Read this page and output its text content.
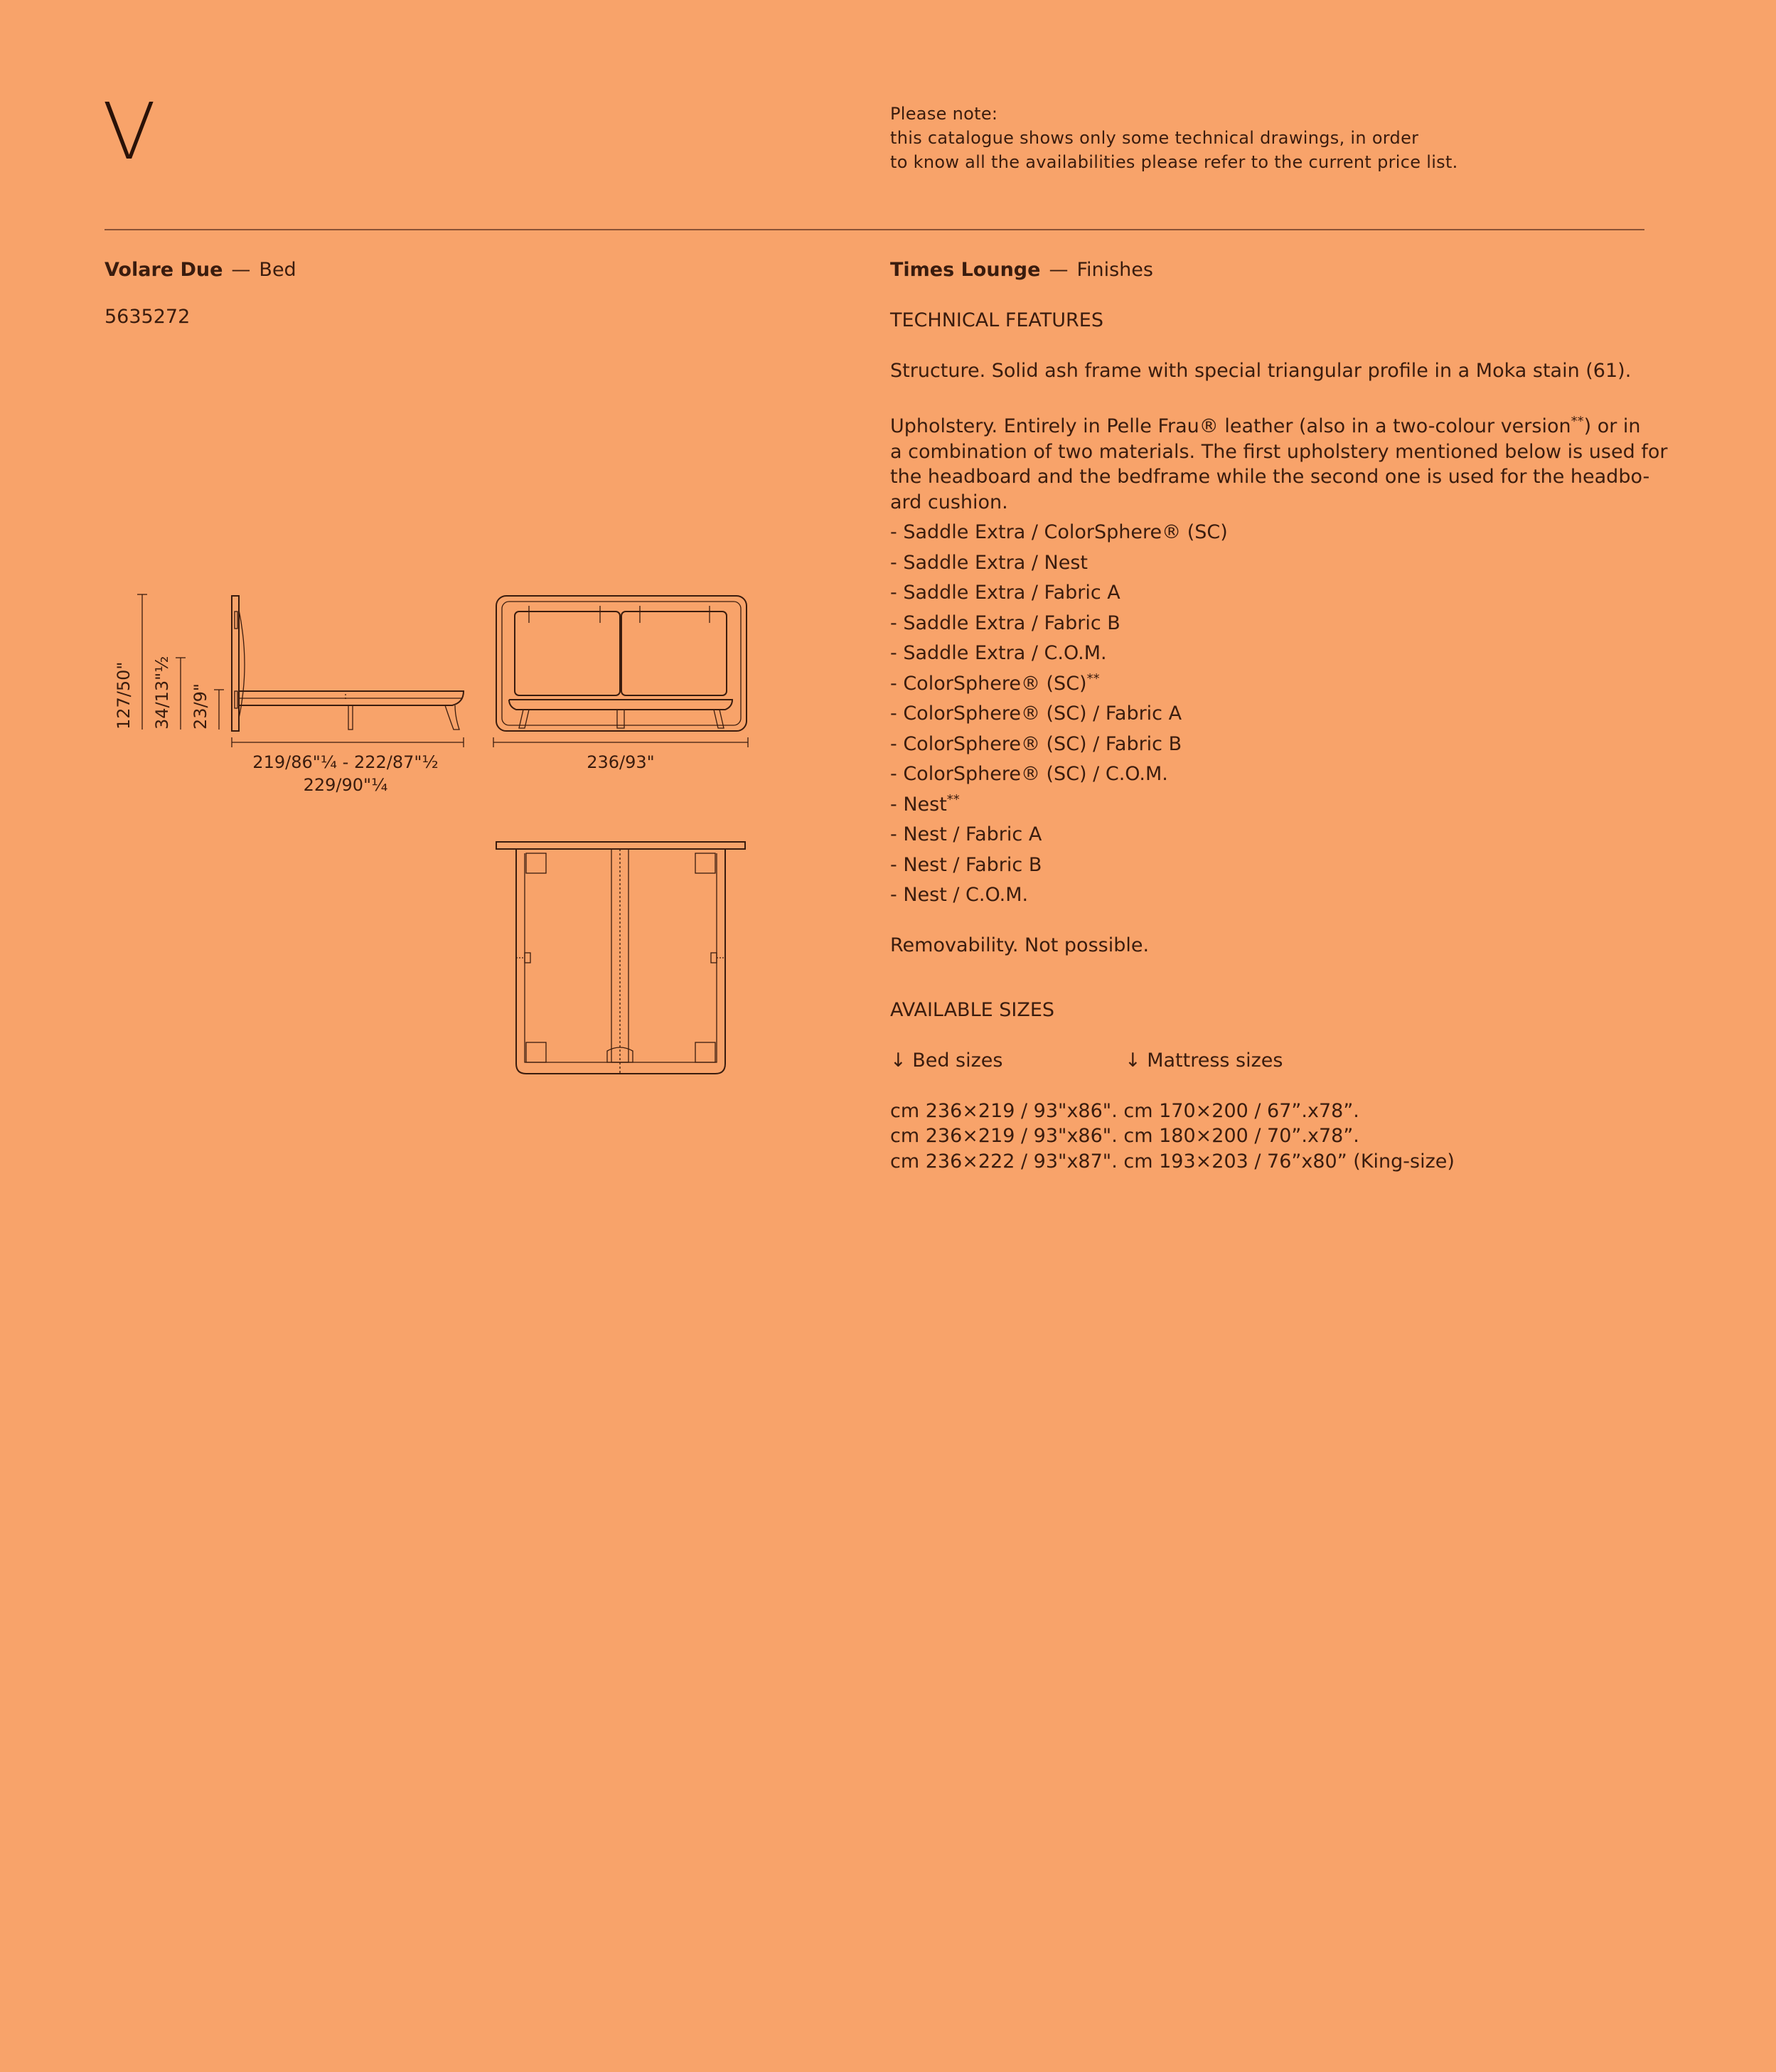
V	Please note:
this catalogue shows only some technical drawings, in order
to know all the availabilities please refer to the current price list.
Volare Due — Bed
5635272
127/50" 34/13"½ 23/9"
219/86"¼ - 222/87"½
229/90"¼
236/93"
Times Lounge — Finishes
TECHNICAL FEATURES
Structure. Solid ash frame with special triangular profile in a Moka stain (61).
Upholstery. Entirely in Pelle Frau® leather (also in a two-colour version**) or in
a combination of two materials. The first upholstery mentioned below is used for
the headboard and the bedframe while the second one is used for the headbo-
ard cushion.
- Saddle Extra / ColorSphere® (SC)
- Saddle Extra / Nest
- Saddle Extra / Fabric A
- Saddle Extra / Fabric B
- Saddle Extra / C.O.M.
- ColorSphere® (SC)**
- ColorSphere® (SC) / Fabric A
- ColorSphere® (SC) / Fabric B
- ColorSphere® (SC) / C.O.M.
- Nest**
- Nest / Fabric A
- Nest / Fabric B
- Nest / C.O.M.
Removability. Not possible.
AVAILABLE SIZES
↓ Bed sizes	↓ Mattress sizes
cm 236×219 / 93"x86". cm 170×200 / 67”.x78”.
cm 236×219 / 93"x86". cm 180×200 / 70”.x78”.
cm 236×222 / 93"x87". cm 193×203 / 76”x80” (King-size)
